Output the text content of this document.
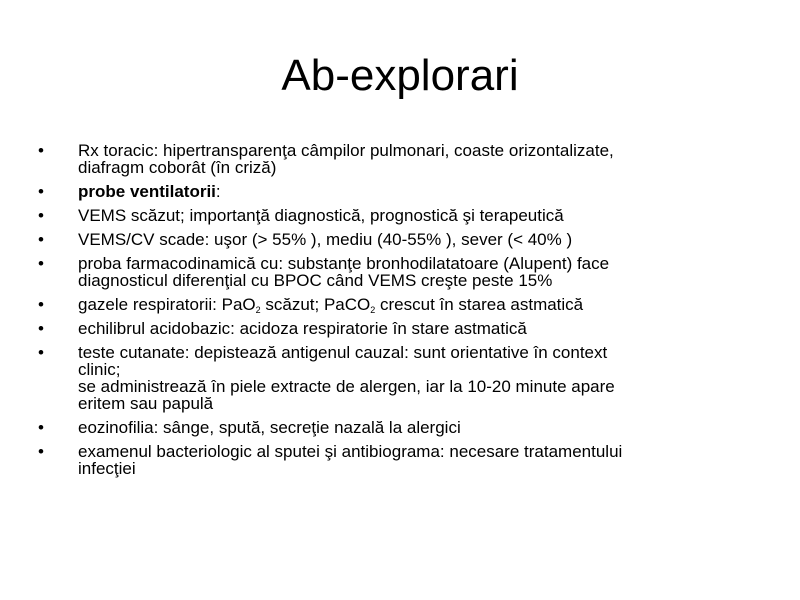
Ab-explorari
• Rx toracic: hipertransparenţa câmpilor pulmonari, coaste orizontalizate,
diafragm coborât (în criză)
• probe ventilatorii:
• VEMS scăzut; importanţă diagnostică, prognostică şi terapeutică
• VEMS/CV scade: uşor (> 55% ), mediu (40-55% ), sever (< 40% )
• proba farmacodinamică cu: substanţe bronhodilatatoare (Alupent) face
diagnosticul diferenţial cu BPOC când VEMS creşte peste 15%
• gazele respiratorii: PaO$_2$ scăzut; PaCO$_2$ crescut în starea astmatică
• echilibrul acidobazic: acidoza respiratorie în stare astmatică
• teste cutanate: depistează antigenul cauzal: sunt orientative în context
clinic;
se administrează în piele extracte de alergen, iar la 10-20 minute apare
eritem sau papulă
• eozinofilia: sânge, spută, secreţie nazală la alergici
• examenul bacteriologic al sputei şi antibiograma: necesare tratamentului
infecţiei
